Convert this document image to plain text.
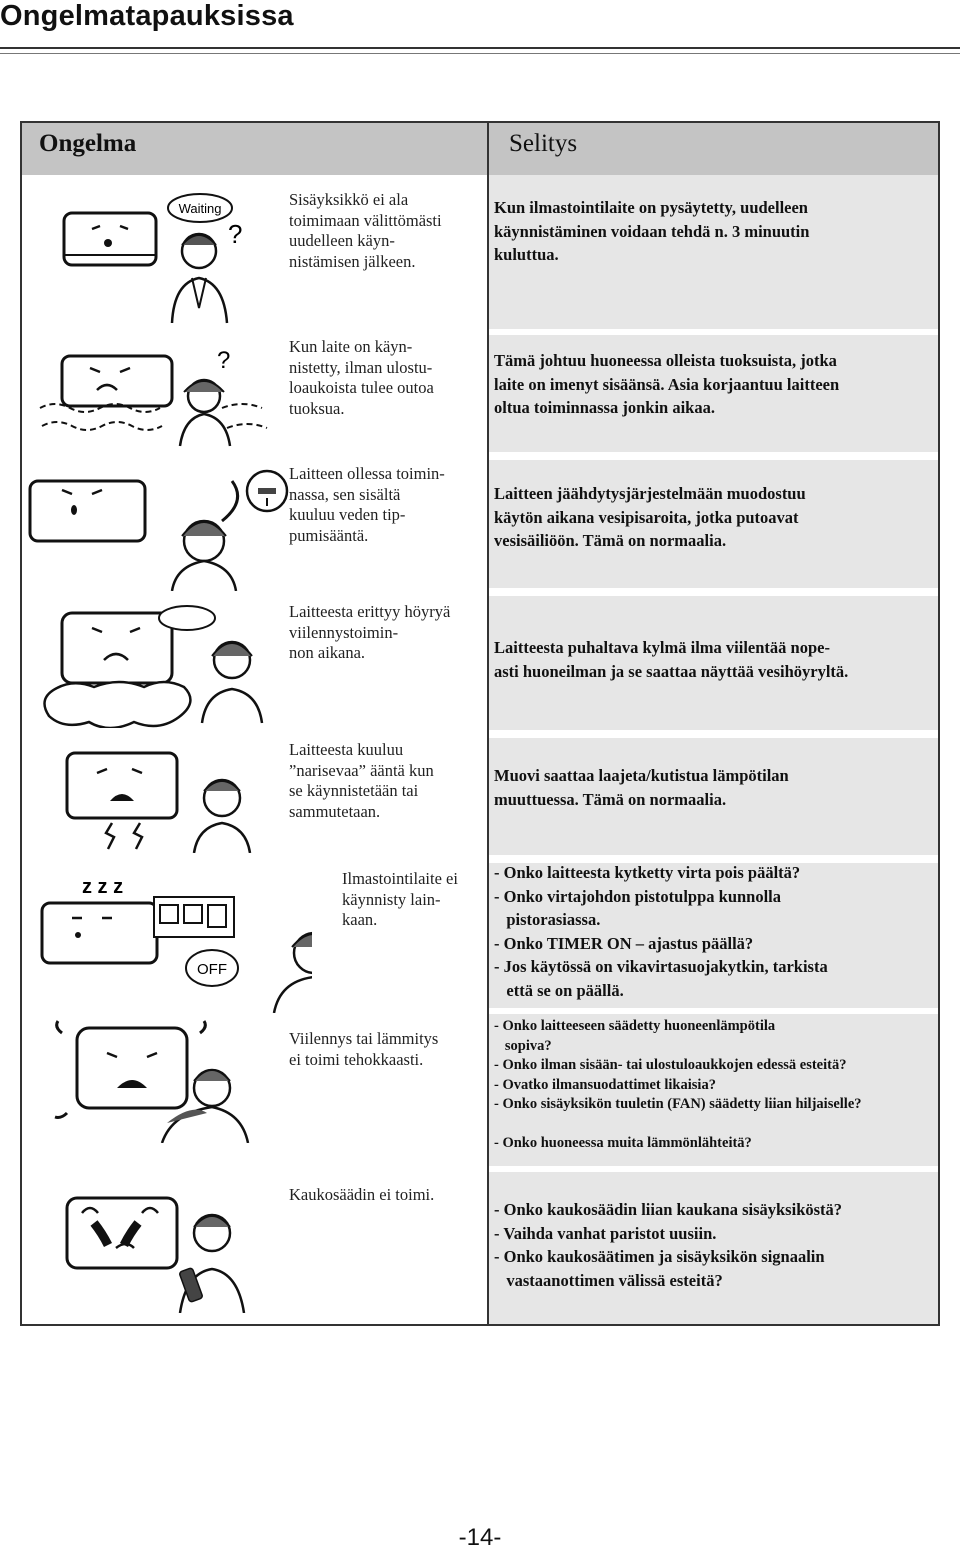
Ongelmatapauksissa
Ongelma	Selitys
Waiting
?
Sisäyksikkö ei ala
toimimaan välittömästi
uudelleen käyn-
nistämisen jälkeen.
Kun ilmastointilaite on pysäytetty, uudelleen
käynnistäminen voidaan tehdä n. 3 minuutin
kuluttua.
?
Kun laite on käyn-
nistetty, ilman ulostu-
loaukoista tulee outoa
tuoksua.
Tämä johtuu huoneessa olleista tuoksuista, jotka
laite on imenyt sisäänsä. Asia korjaantuu laitteen
oltua toiminnassa jonkin aikaa.
Laitteen ollessa toimin-
nassa, sen sisältä
kuuluu veden tip-
pumisääntä.
Laitteen jäähdytysjärjestelmään muodostuu
käytön aikana vesipisaroita, jotka putoavat
vesisäiliöön. Tämä on normaalia.
Laitteesta erittyy höyryä
viilennystoimin-
non aikana.	Laitteesta puhaltava kylmä ilma viilentää nope-
asti huoneilman ja se saattaa näyttää vesihöyryltä.
Laitteesta kuuluu
”narisevaa” ääntä kun
se käynnistetään tai
sammutetaan.
Muovi saattaa laajeta/kutistua lämpötilan
muuttuessa. Tämä on normaalia.
z z z
OFF
Ilmastointilaite ei
käynnisty lain-
kaan.
- Onko laitteesta kytketty virta pois päältä?
- Onko virtajohdon pistotulppa kunnolla
pistorasiassa.
- Onko TIMER ON – ajastus päällä?
- Jos käytössä on vikavirtasuojakytkin, tarkista
että se on päällä.
Viilennys tai lämmitys
ei toimi tehokkaasti.
- Onko laitteeseen säädetty huoneenlämpötila
sopiva?
- Onko ilman sisään- tai ulostuloaukkojen edessä esteitä?
- Ovatko ilmansuodattimet likaisia?
- Onko sisäyksikön tuuletin (FAN) säädetty liian hiljaiselle?
- Onko huoneessa muita lämmönlähteitä?
Kaukosäädin ei toimi.
- Onko kaukosäädin liian kaukana sisäyksiköstä?
- Vaihda vanhat paristot uusiin.
- Onko kaukosäätimen ja sisäyksikön signaalin
vastaanottimen välissä esteitä?
-14-
